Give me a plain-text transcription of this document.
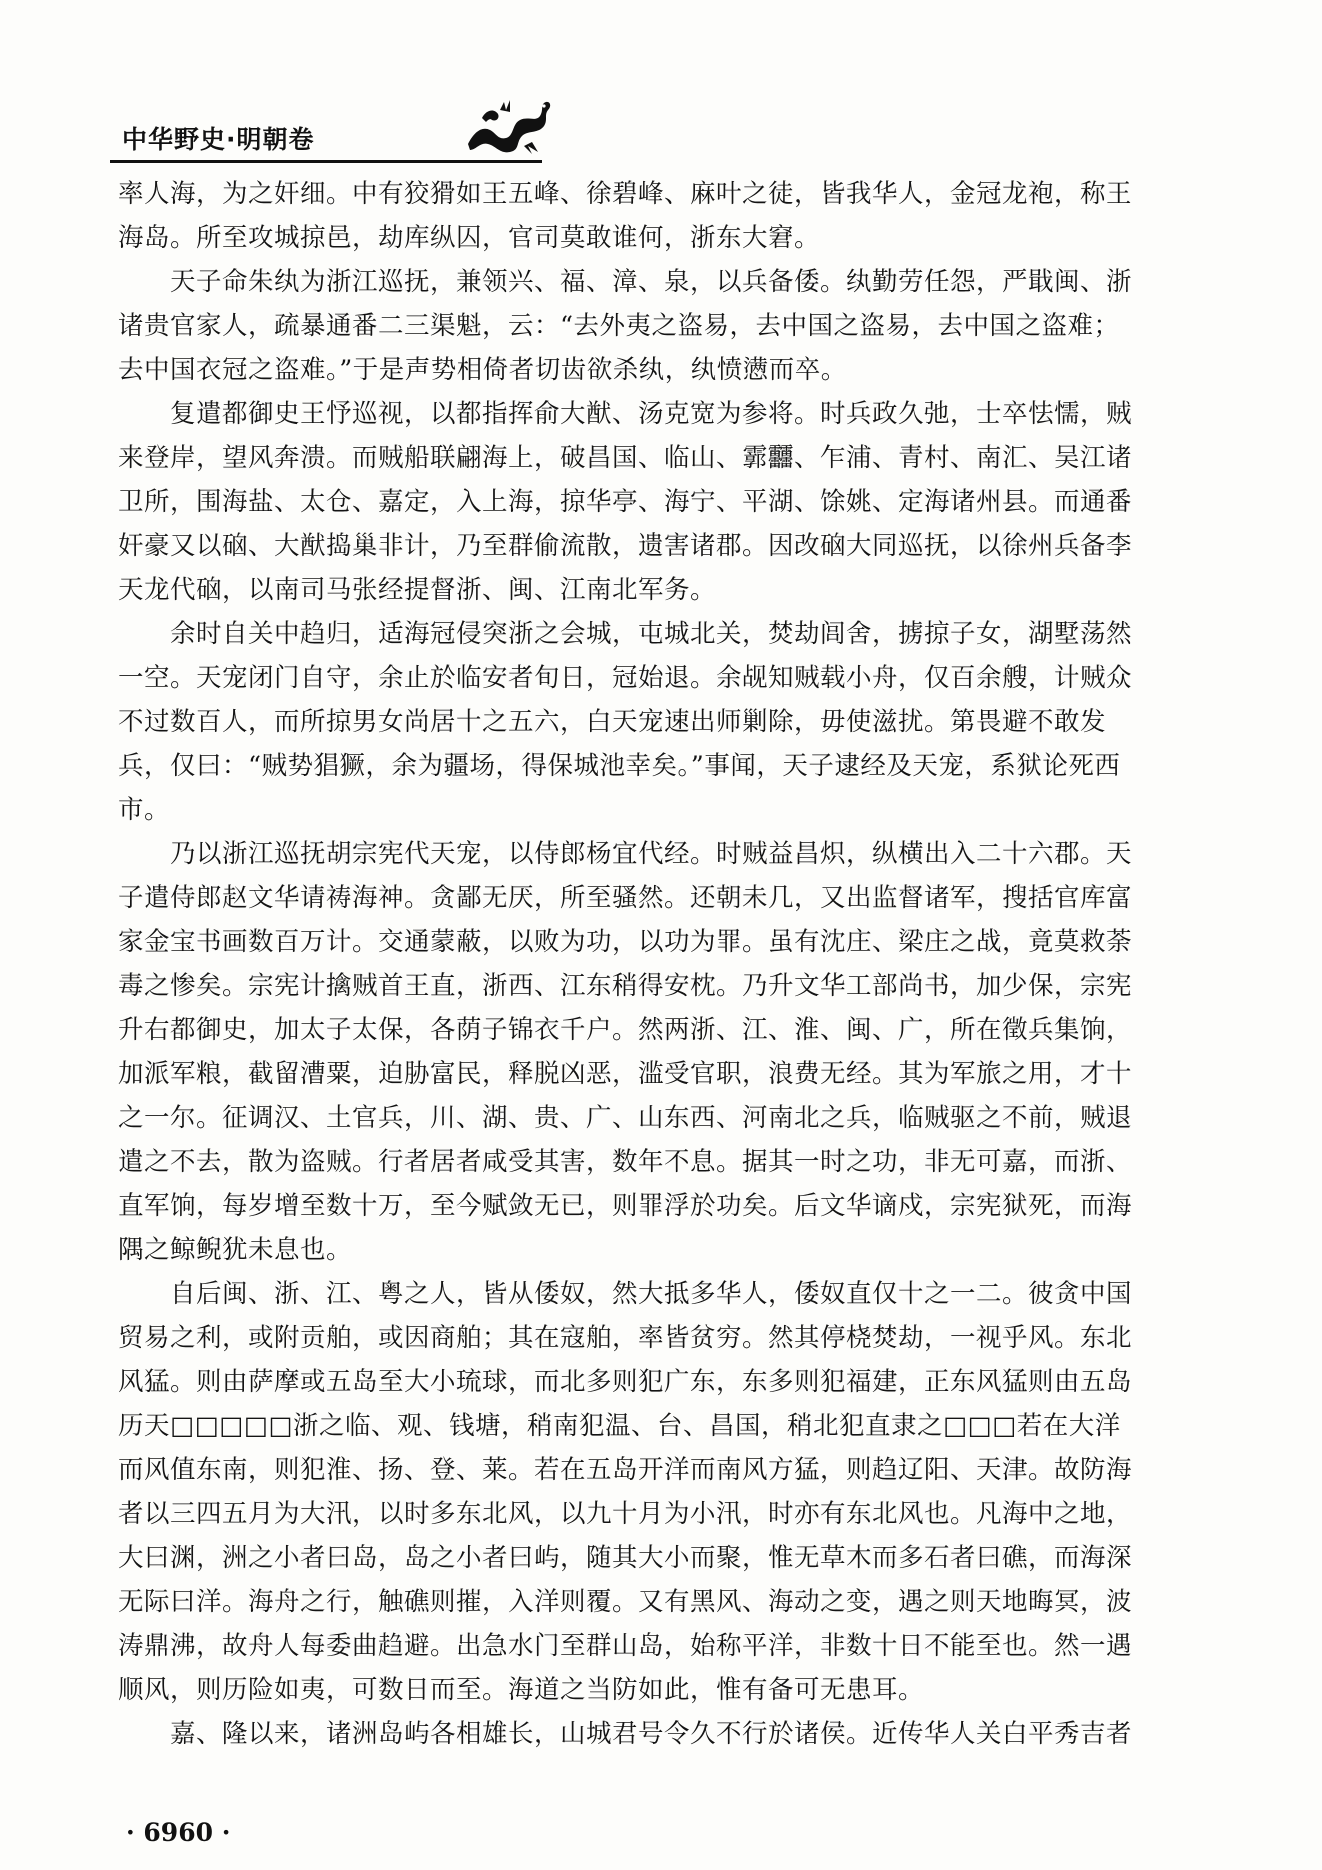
中华野史·明朝卷
率人海，为之奸细。中有狡猾如王五峰、徐碧峰、麻叶之徒，皆我华人，金冠龙袍，称王
海岛。所至攻城掠邑，劫库纵囚，官司莫敢谁何，浙东大窘。
天子命朱纨为浙江巡抚，兼领兴、福、漳、泉，以兵备倭。纨勤劳任怨，严戢闽、浙
诸贵官家人，疏暴通番二三渠魁，云：“去外夷之盗易，去中国之盗易，去中国之盗难；
去中国衣冠之盗难。”于是声势相倚者切齿欲杀纨，纨愤懑而卒。
复遣都御史王忬巡视，以都指挥俞大猷、汤克宽为参将。时兵政久弛，士卒怯懦，贼
来登岸，望风奔溃。而贼船联翩海上，破昌国、临山、霩䨻、乍浦、青村、南汇、吴江诸
卫所，围海盐、太仓、嘉定，入上海，掠华亭、海宁、平湖、馀姚、定海诸州县。而通番
奸豪又以硇、大猷捣巢非计，乃至群偷流散，遗害诸郡。因改硇大同巡抚，以徐州兵备李
天龙代硇，以南司马张经提督浙、闽、江南北军务。
余时自关中趋归，适海冠侵突浙之会城，屯城北关，焚劫闾舍，掳掠子女，湖墅荡然
一空。天宠闭门自守，余止於临安者旬日，冠始退。余觇知贼载小舟，仅百余艘，计贼众
不过数百人，而所掠男女尚居十之五六，白天宠速出师剿除，毋使滋扰。第畏避不敢发
兵，仅曰：“贼势猖獗，余为疆场，得保城池幸矣。”事闻，天子逮经及天宠，系狱论死西
市。
乃以浙江巡抚胡宗宪代天宠，以侍郎杨宜代经。时贼益昌炽，纵横出入二十六郡。天
子遣侍郎赵文华请祷海神。贪鄙无厌，所至骚然。还朝未几，又出监督诸军，搜括官库富
家金宝书画数百万计。交通蒙蔽，以败为功，以功为罪。虽有沈庄、梁庄之战，竟莫救荼
毒之惨矣。宗宪计擒贼首王直，浙西、江东稍得安枕。乃升文华工部尚书，加少保，宗宪
升右都御史，加太子太保，各荫子锦衣千户。然两浙、江、淮、闽、广，所在徵兵集饷，
加派军粮，截留漕粟，迫胁富民，释脱凶恶，滥受官职，浪费无经。其为军旅之用，才十
之一尔。征调汉、土官兵，川、湖、贵、广、山东西、河南北之兵，临贼驱之不前，贼退
遣之不去，散为盗贼。行者居者咸受其害，数年不息。据其一时之功，非无可嘉，而浙、
直军饷，每岁增至数十万，至今赋敛无已，则罪浮於功矣。后文华谪戍，宗宪狱死，而海
隅之鲸鲵犹未息也。
自后闽、浙、江、粤之人，皆从倭奴，然大抵多华人，倭奴直仅十之一二。彼贪中国
贸易之利，或附贡舶，或因商舶；其在寇舶，率皆贫穷。然其停桡焚劫，一视乎风。东北
风猛。则由萨摩或五岛至大小琉球，而北多则犯广东，东多则犯福建，正东风猛则由五岛
历天□□□□□浙之临、观、钱塘，稍南犯温、台、昌国，稍北犯直隶之□□□若在大洋
而风值东南，则犯淮、扬、登、莱。若在五岛开洋而南风方猛，则趋辽阳、天津。故防海
者以三四五月为大汛，以时多东北风，以九十月为小汛，时亦有东北风也。凡海中之地，
大曰渊，洲之小者曰岛，岛之小者曰屿，随其大小而聚，惟无草木而多石者曰礁，而海深
无际曰洋。海舟之行，触礁则摧，入洋则覆。又有黑风、海动之变，遇之则天地晦冥，波
涛鼎沸，故舟人每委曲趋避。出急水门至群山岛，始称平洋，非数十日不能至也。然一遇
顺风，则历险如夷，可数日而至。海道之当防如此，惟有备可无患耳。
嘉、隆以来，诸洲岛屿各相雄长，山城君号令久不行於诸侯。近传华人关白平秀吉者
· 6960 ·
